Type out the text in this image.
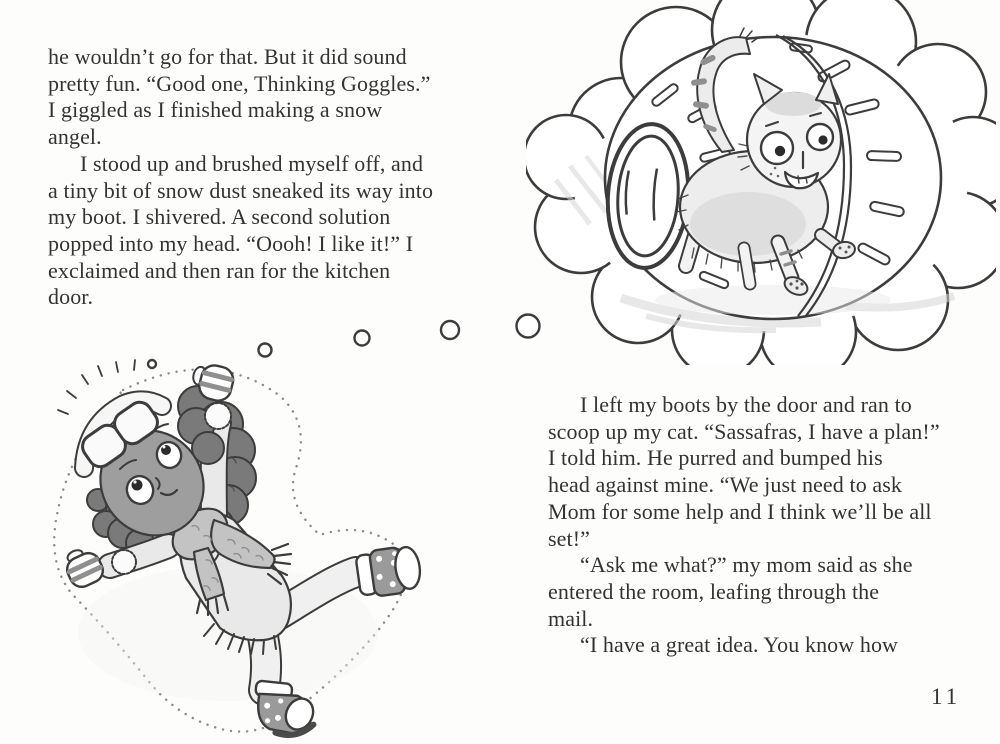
he wouldn’t go for that. But it did sound
pretty fun. “Good one, Thinking Goggles.”
I giggled as I finished making a snow
angel.
I stood up and brushed myself off, and
a tiny bit of snow dust sneaked its way into
my boot. I shivered. A second solution
popped into my head. “Oooh! I like it!” I
exclaimed and then ran for the kitchen
door.
I left my boots by the door and ran to
scoop up my cat. “Sassafras, I have a plan!”
I told him. He purred and bumped his
head against mine. “We just need to ask
Mom for some help and I think we’ll be all
set!”
“Ask me what?” my mom said as she
entered the room, leafing through the
mail.
“I have a great idea. You know how
11
